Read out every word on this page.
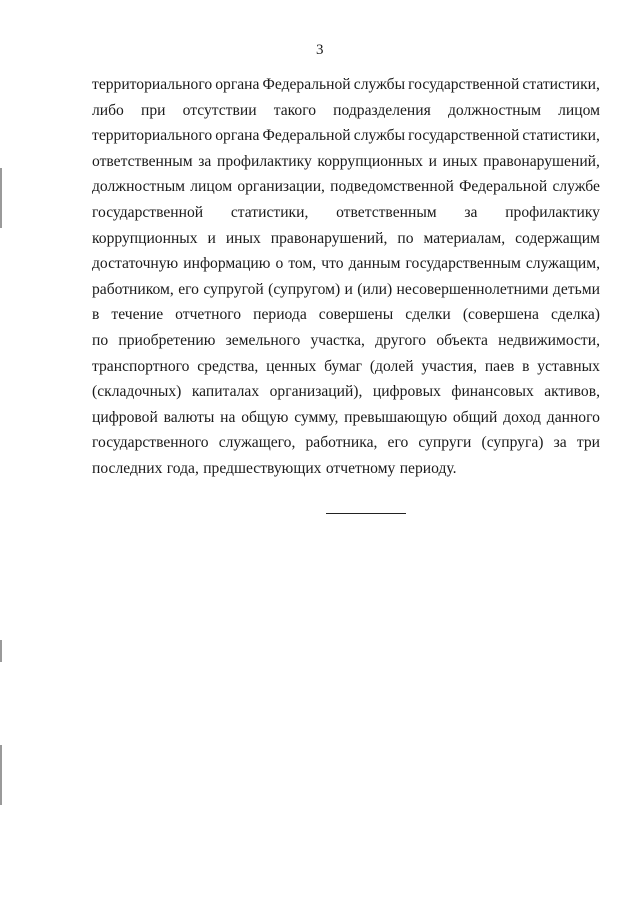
3
территориального органа Федеральной службы государственной статистики,
либо при отсутствии такого подразделения должностным лицом
территориального органа Федеральной службы государственной статистики,
ответственным за профилактику коррупционных и иных правонарушений,
должностным лицом организации, подведомственной Федеральной службе
государственной статистики, ответственным за профилактику
коррупционных и иных правонарушений, по материалам, содержащим
достаточную информацию о том, что данным государственным служащим,
работником, его супругой (супругом) и (или) несовершеннолетними детьми
в течение отчетного периода совершены сделки (совершена сделка)
по приобретению земельного участка, другого объекта недвижимости,
транспортного средства, ценных бумаг (долей участия, паев в уставных
(складочных) капиталах организаций), цифровых финансовых активов,
цифровой валюты на общую сумму, превышающую общий доход данного
государственного служащего, работника, его супруги (супруга) за три
последних года, предшествующих отчетному периоду.
